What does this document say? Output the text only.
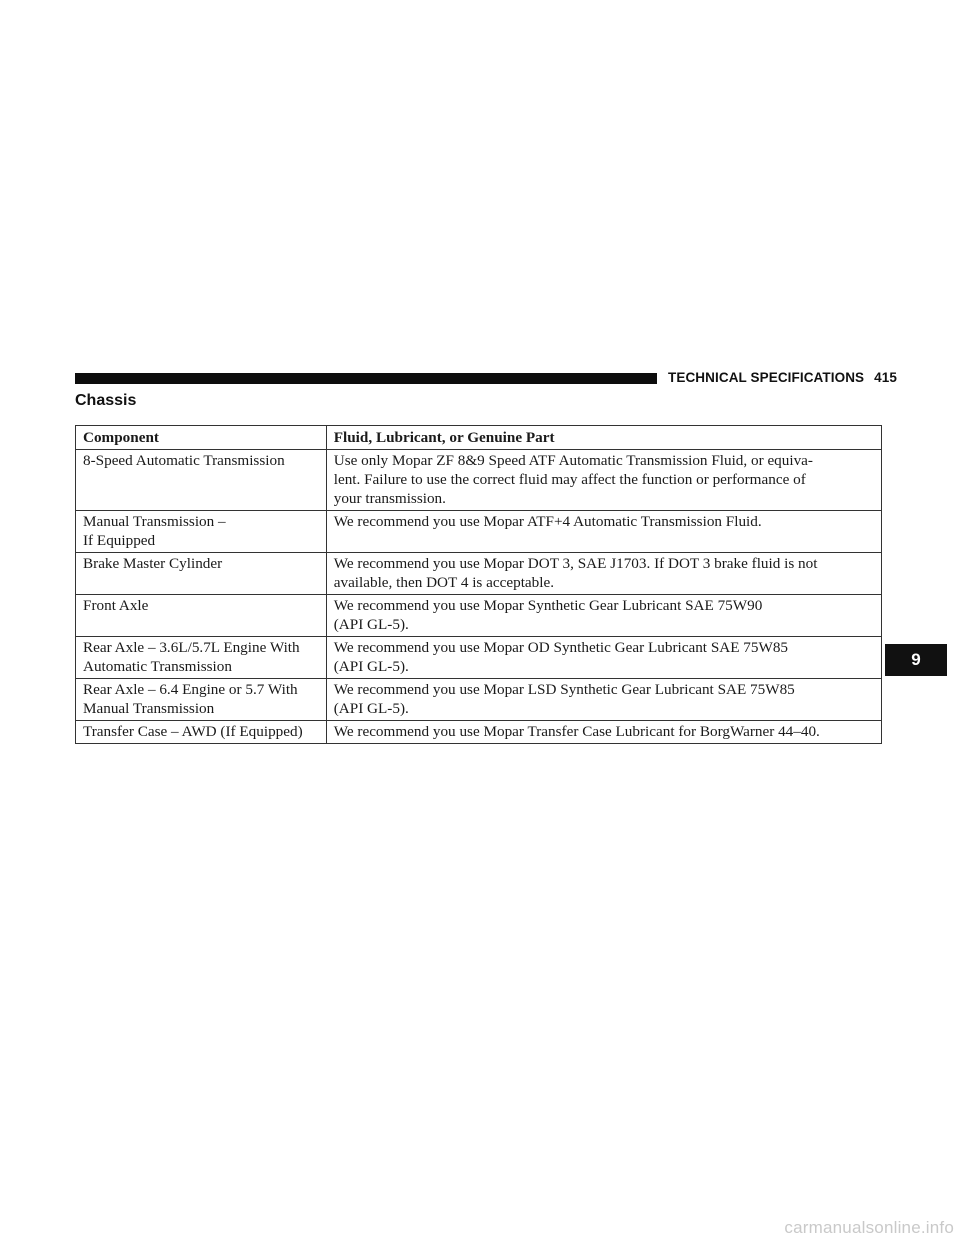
TECHNICAL SPECIFICATIONS 415
Chassis
Component	Fluid, Lubricant, or Genuine Part

8-Speed Automatic Transmission	Use only Mopar ZF 8&9 Speed ATF Automatic Transmission Fluid, or equiva-
lent. Failure to use the correct fluid may affect the function or performance of
your transmission.

Manual Transmission –
If Equipped	We recommend you use Mopar ATF+4 Automatic Transmission Fluid.

Brake Master Cylinder	We recommend you use Mopar DOT 3, SAE J1703. If DOT 3 brake fluid is not
available, then DOT 4 is acceptable.

Front Axle	We recommend you use Mopar Synthetic Gear Lubricant SAE 75W90
(API GL-5).

Rear Axle – 3.6L/5.7L Engine With
Automatic Transmission	We recommend you use Mopar OD Synthetic Gear Lubricant SAE 75W85
(API GL-5).

Rear Axle – 6.4 Engine or 5.7 With
Manual Transmission	We recommend you use Mopar LSD Synthetic Gear Lubricant SAE 75W85
(API GL-5).

Transfer Case – AWD (If Equipped)	We recommend you use Mopar Transfer Case Lubricant for BorgWarner 44–40.
9
carmanualsonline.info
